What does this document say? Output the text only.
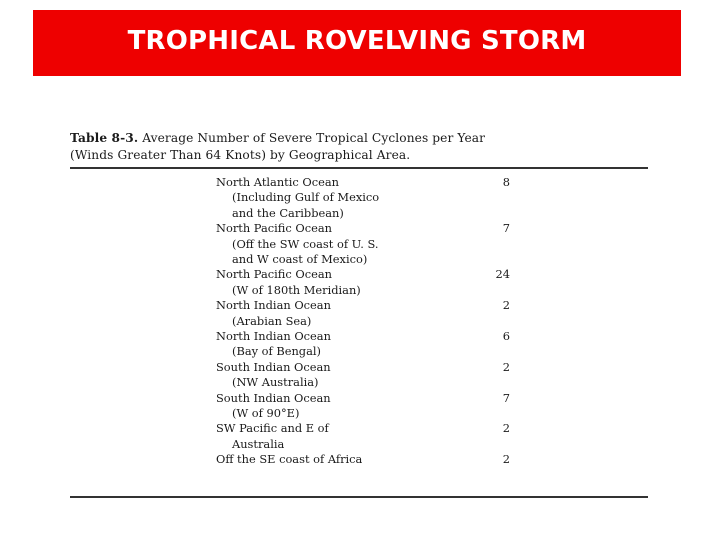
TROPHICAL ROVELVING STORM
Table 8-3. Average Number of Severe Tropical Cyclones per Year
(Winds Greater Than 64 Knots) by Geographical Area.
North Atlantic Ocean
(Including Gulf of Mexico
and the Caribbean)
8
North Pacific Ocean
(Off the SW coast of U. S.
and W coast of Mexico)
7
North Pacific Ocean
(W of 180th Meridian)
24
North Indian Ocean
(Arabian Sea)
2
North Indian Ocean
(Bay of Bengal)
6
South Indian Ocean
(NW Australia)
2
South Indian Ocean
(W of 90°E)
7
SW Pacific and E of
Australia
2
Off the SE coast of Africa	2
